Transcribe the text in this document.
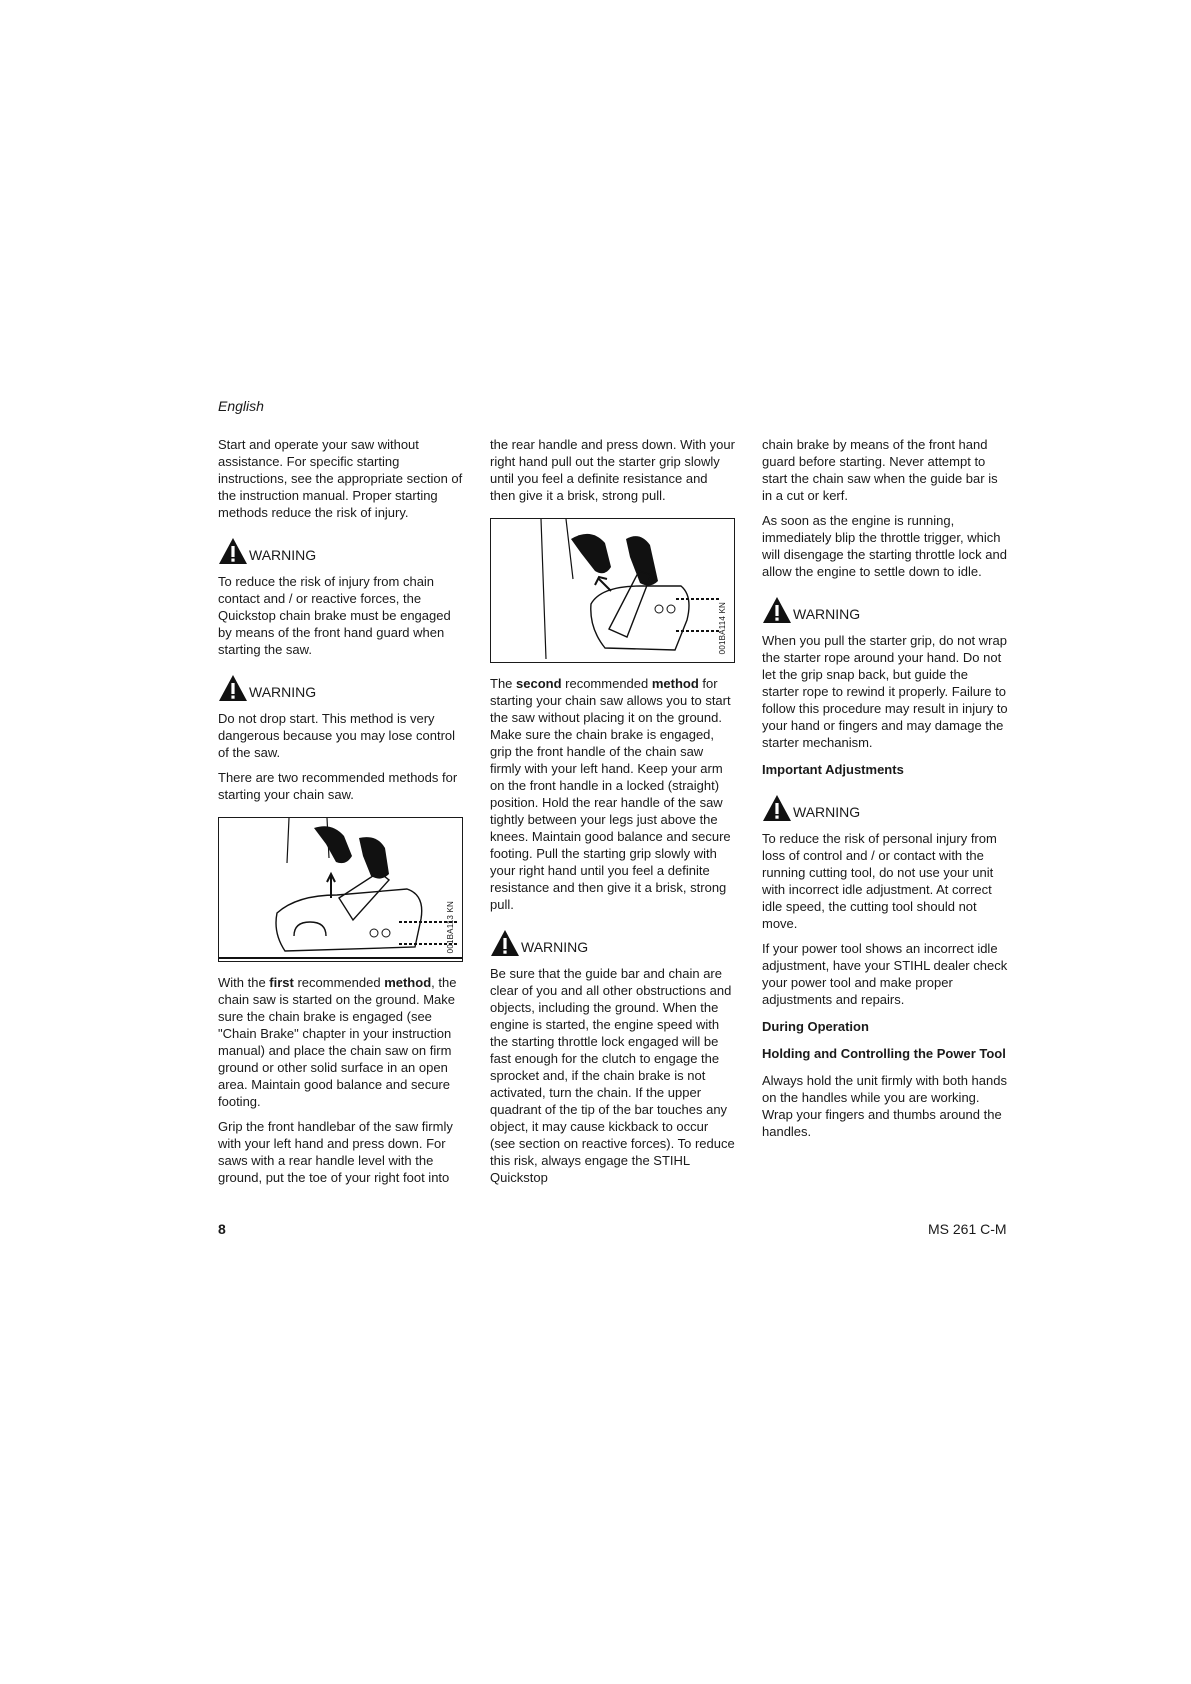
English

Start and operate your saw without assistance. For specific starting instructions, see the appropriate section of the instruction manual. Proper starting methods reduce the risk of injury.

WARNING

To reduce the risk of injury from chain contact and / or reactive forces, the Quickstop chain brake must be engaged by means of the front hand guard when starting the saw.

WARNING

Do not drop start. This method is very dangerous because you may lose control of the saw.

There are two recommended methods for starting your chain saw.

001BA113 KN

With the first recommended method, the chain saw is started on the ground. Make sure the chain brake is engaged (see "Chain Brake" chapter in your instruction manual) and place the chain saw on firm ground or other solid surface in an open area. Maintain good balance and secure footing.

Grip the front handlebar of the saw firmly with your left hand and press down. For saws with a rear handle level with the ground, put the toe of your right foot into

the rear handle and press down. With your right hand pull out the starter grip slowly until you feel a definite resistance and then give it a brisk, strong pull.

001BA114 KN

The second recommended method for starting your chain saw allows you to start the saw without placing it on the ground. Make sure the chain brake is engaged, grip the front handle of the chain saw firmly with your left hand. Keep your arm on the front handle in a locked (straight) position. Hold the rear handle of the saw tightly between your legs just above the knees. Maintain good balance and secure footing. Pull the starting grip slowly with your right hand until you feel a definite resistance and then give it a brisk, strong pull.

WARNING

Be sure that the guide bar and chain are clear of you and all other obstructions and objects, including the ground. When the engine is started, the engine speed with the starting throttle lock engaged will be fast enough for the clutch to engage the sprocket and, if the chain brake is not activated, turn the chain. If the upper quadrant of the tip of the bar touches any object, it may cause kickback to occur (see section on reactive forces). To reduce this risk, always engage the STIHL Quickstop

chain brake by means of the front hand guard before starting. Never attempt to start the chain saw when the guide bar is in a cut or kerf.

As soon as the engine is running, immediately blip the throttle trigger, which will disengage the starting throttle lock and allow the engine to settle down to idle.

WARNING

When you pull the starter grip, do not wrap the starter rope around your hand. Do not let the grip snap back, but guide the starter rope to rewind it properly. Failure to follow this procedure may result in injury to your hand or fingers and may damage the starter mechanism.

Important Adjustments

WARNING

To reduce the risk of personal injury from loss of control and / or contact with the running cutting tool, do not use your unit with incorrect idle adjustment. At correct idle speed, the cutting tool should not move.

If your power tool shows an incorrect idle adjustment, have your STIHL dealer check your power tool and make proper adjustments and repairs.

During Operation

Holding and Controlling the Power Tool

Always hold the unit firmly with both hands on the handles while you are working. Wrap your fingers and thumbs around the handles.

8	MS 261 C-M
